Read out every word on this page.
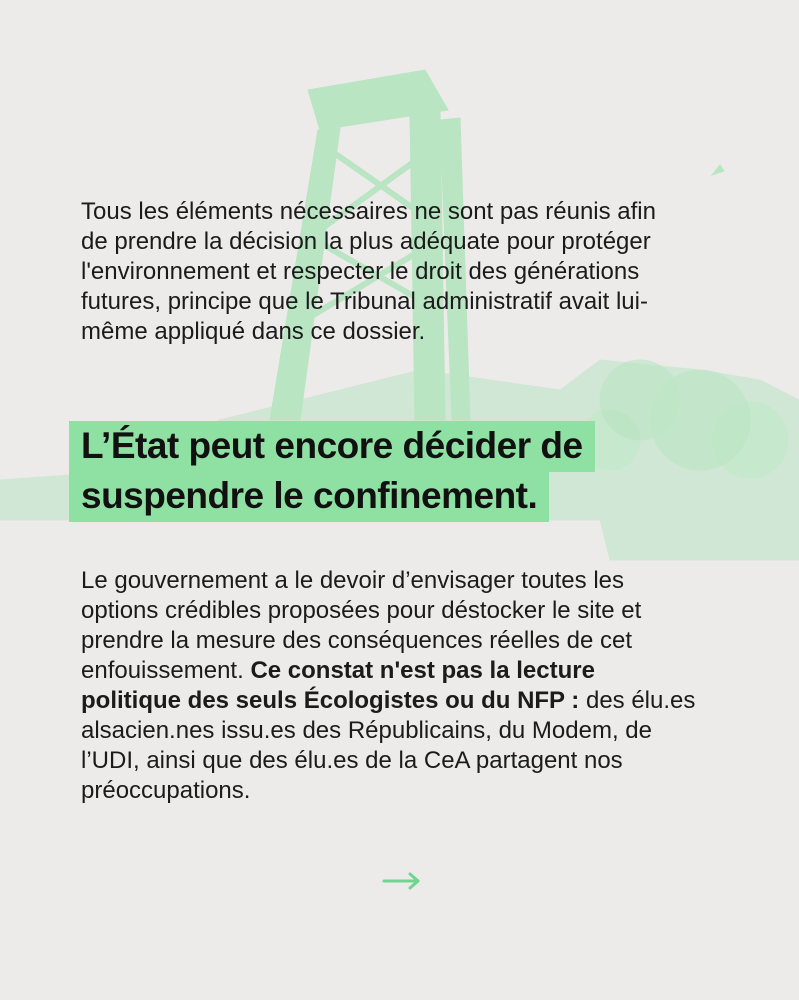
Tous les éléments nécessaires ne sont pas réunis afin de prendre la décision la plus adéquate pour protéger l'environnement et respecter le droit des générations futures, principe que le Tribunal administratif avait lui-même appliqué dans ce dossier.

L’État peut encore décider de suspendre le confinement.

Le gouvernement a le devoir d’envisager toutes les options crédibles proposées pour déstocker le site et prendre la mesure des conséquences réelles de cet enfouissement. Ce constat n'est pas la lecture politique des seuls Écologistes ou du NFP : des élu.es alsacien.nes issu.es des Républicains, du Modem, de l’UDI, ainsi que des élu.es de la CeA partagent nos préoccupations.
